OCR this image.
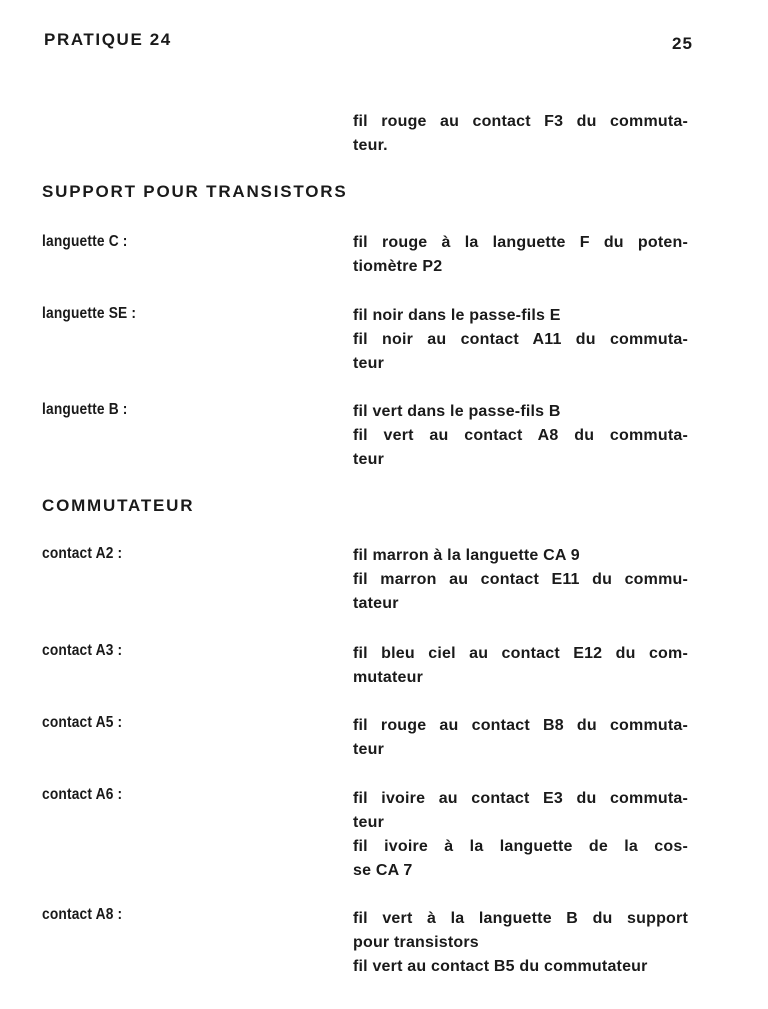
PRATIQUE 24	25
fil rouge au contact F3 du commuta-
teur.
SUPPORT POUR TRANSISTORS
languette C :	fil rouge à la languette F du poten-
tiomètre P2
languette SE :	fil noir dans le passe-fils E
fil noir au contact A11 du commuta-
teur
languette B :	fil vert dans le passe-fils B
fil vert au contact A8 du commuta-
teur
COMMUTATEUR
contact A2 :	fil marron à la languette CA 9
fil marron au contact E11 du commu-
tateur
contact A3 :	fil bleu ciel au contact E12 du com-
mutateur
contact A5 :	fil rouge au contact B8 du commuta-
teur
contact A6 :	fil ivoire au contact E3 du commuta-
teur
fil ivoire à la languette de la cos-
se CA 7
contact A8 :	fil vert à la languette B du support
pour transistors
fil vert au contact B5 du commutateur
